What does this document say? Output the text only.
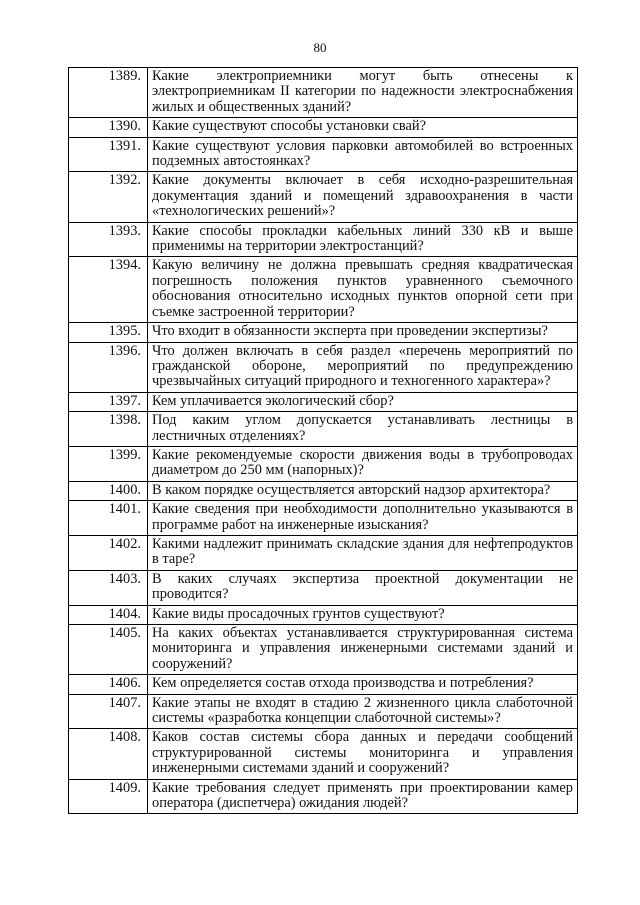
80
1389.	Какие электроприемники могут быть отнесены к электроприемникам II категории по надежности электроснабжения жилых и общественных зданий?
1390.	Какие существуют способы установки свай?
1391.	Какие существуют условия парковки автомобилей во встроенных подземных автостоянках?
1392.	Какие документы включает в себя исходно-разрешительная документация зданий и помещений здравоохранения в части «технологических решений»?
1393.	Какие способы прокладки кабельных линий 330 кВ и выше применимы на территории электростанций?
1394.	Какую величину не должна превышать средняя квадратическая погрешность положения пунктов уравненного съемочного обоснования относительно исходных пунктов опорной сети при съемке застроенной территории?
1395.	Что входит в обязанности эксперта при проведении экспертизы?
1396.	Что должен включать в себя раздел «перечень мероприятий по гражданской обороне, мероприятий по предупреждению чрезвычайных ситуаций природного и техногенного характера»?
1397.	Кем уплачивается экологический сбор?
1398.	Под каким углом допускается устанавливать лестницы в лестничных отделениях?
1399.	Какие рекомендуемые скорости движения воды в трубопроводах диаметром до 250 мм (напорных)?
1400.	В каком порядке осуществляется авторский надзор архитектора?
1401.	Какие сведения при необходимости дополнительно указываются в программе работ на инженерные изыскания?
1402.	Какими надлежит принимать складские здания для нефтепродуктов в таре?
1403.	В каких случаях экспертиза проектной документации не проводится?
1404.	Какие виды просадочных грунтов существуют?
1405.	На каких объектах устанавливается структурированная система мониторинга и управления инженерными системами зданий и сооружений?
1406.	Кем определяется состав отхода производства и потребления?
1407.	Какие этапы не входят в стадию 2 жизненного цикла слаботочной системы «разработка концепции слаботочной системы»?
1408.	Каков состав системы сбора данных и передачи сообщений структурированной системы мониторинга и управления инженерными системами зданий и сооружений?
1409.	Какие требования следует применять при проектировании камер оператора (диспетчера) ожидания людей?
